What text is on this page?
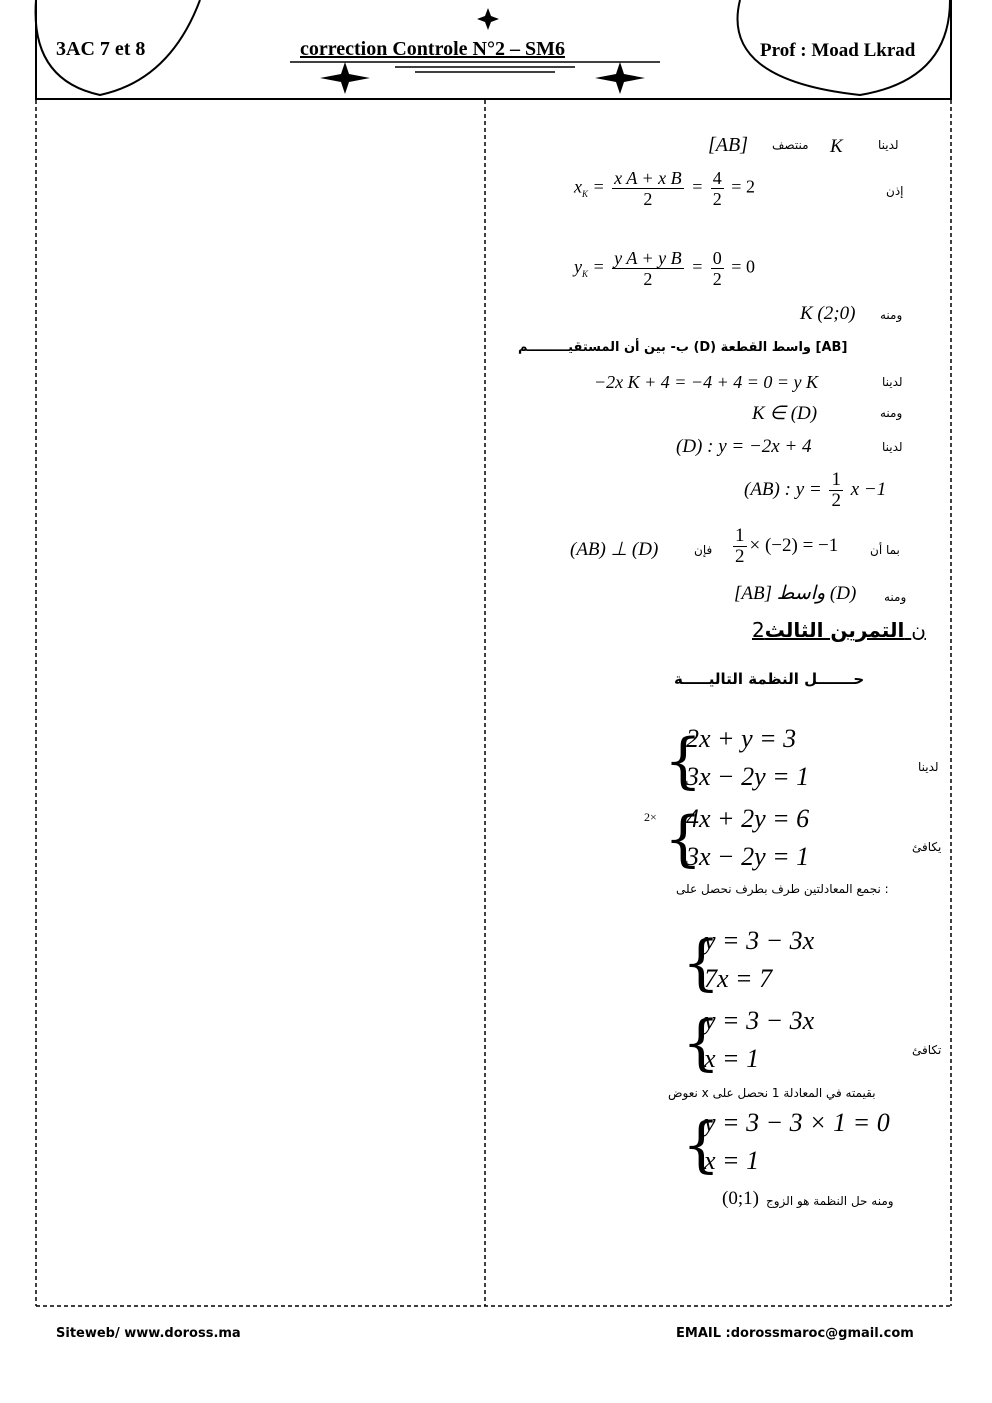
3AC 7 et 8	correction Controle N°2 – SM6	Prof : Moad Lkrad
لدينا
K
منتصف
[AB]
إذن
$x_K = \frac{\text{x A + x B}}{2} = \frac{4}{2} = 2$
$y_K = \frac{\text{y A + y B}}{2} = \frac{0}{2} = 0$
ومنه
K (2;0)
ب- بين أن المستقيـــــــــم (D) واسط القطعة [AB]
لدينا
−2x K + 4 = −4 + 4 = 0 = y K
ومنه
K ∈ (D)
لدينا
(D) : y = −2x + 4
(AB) : $y = \frac{1}{2}$ x −1
بما أن
$\frac{1}{2} \times (-2) = -1$
فإن
(AB) ⊥ (D)
ومنه
[AB] واسط (D)
2ن التمرين الثالث
حـــــــل النظمة التاليـــــة
لدينا
{
2x + y = 3
3x − 2y = 1
2×
يكافئ
{
4x + 2y = 6
3x − 2y = 1
نجمع المعادلتين طرف بطرف نحصل على :
{
y = 3 − 3x
7x = 7
تكافئ
{
y = 3 − 3x
x = 1
نعوض x بقيمته في المعادلة 1 نحصل على
{
y = 3 − 3 × 1 = 0
x = 1
ومنه حل النظمة هو الزوج
(0;1)
Siteweb/ www.doross.ma	EMAIL :dorossmaroc@gmail.com
